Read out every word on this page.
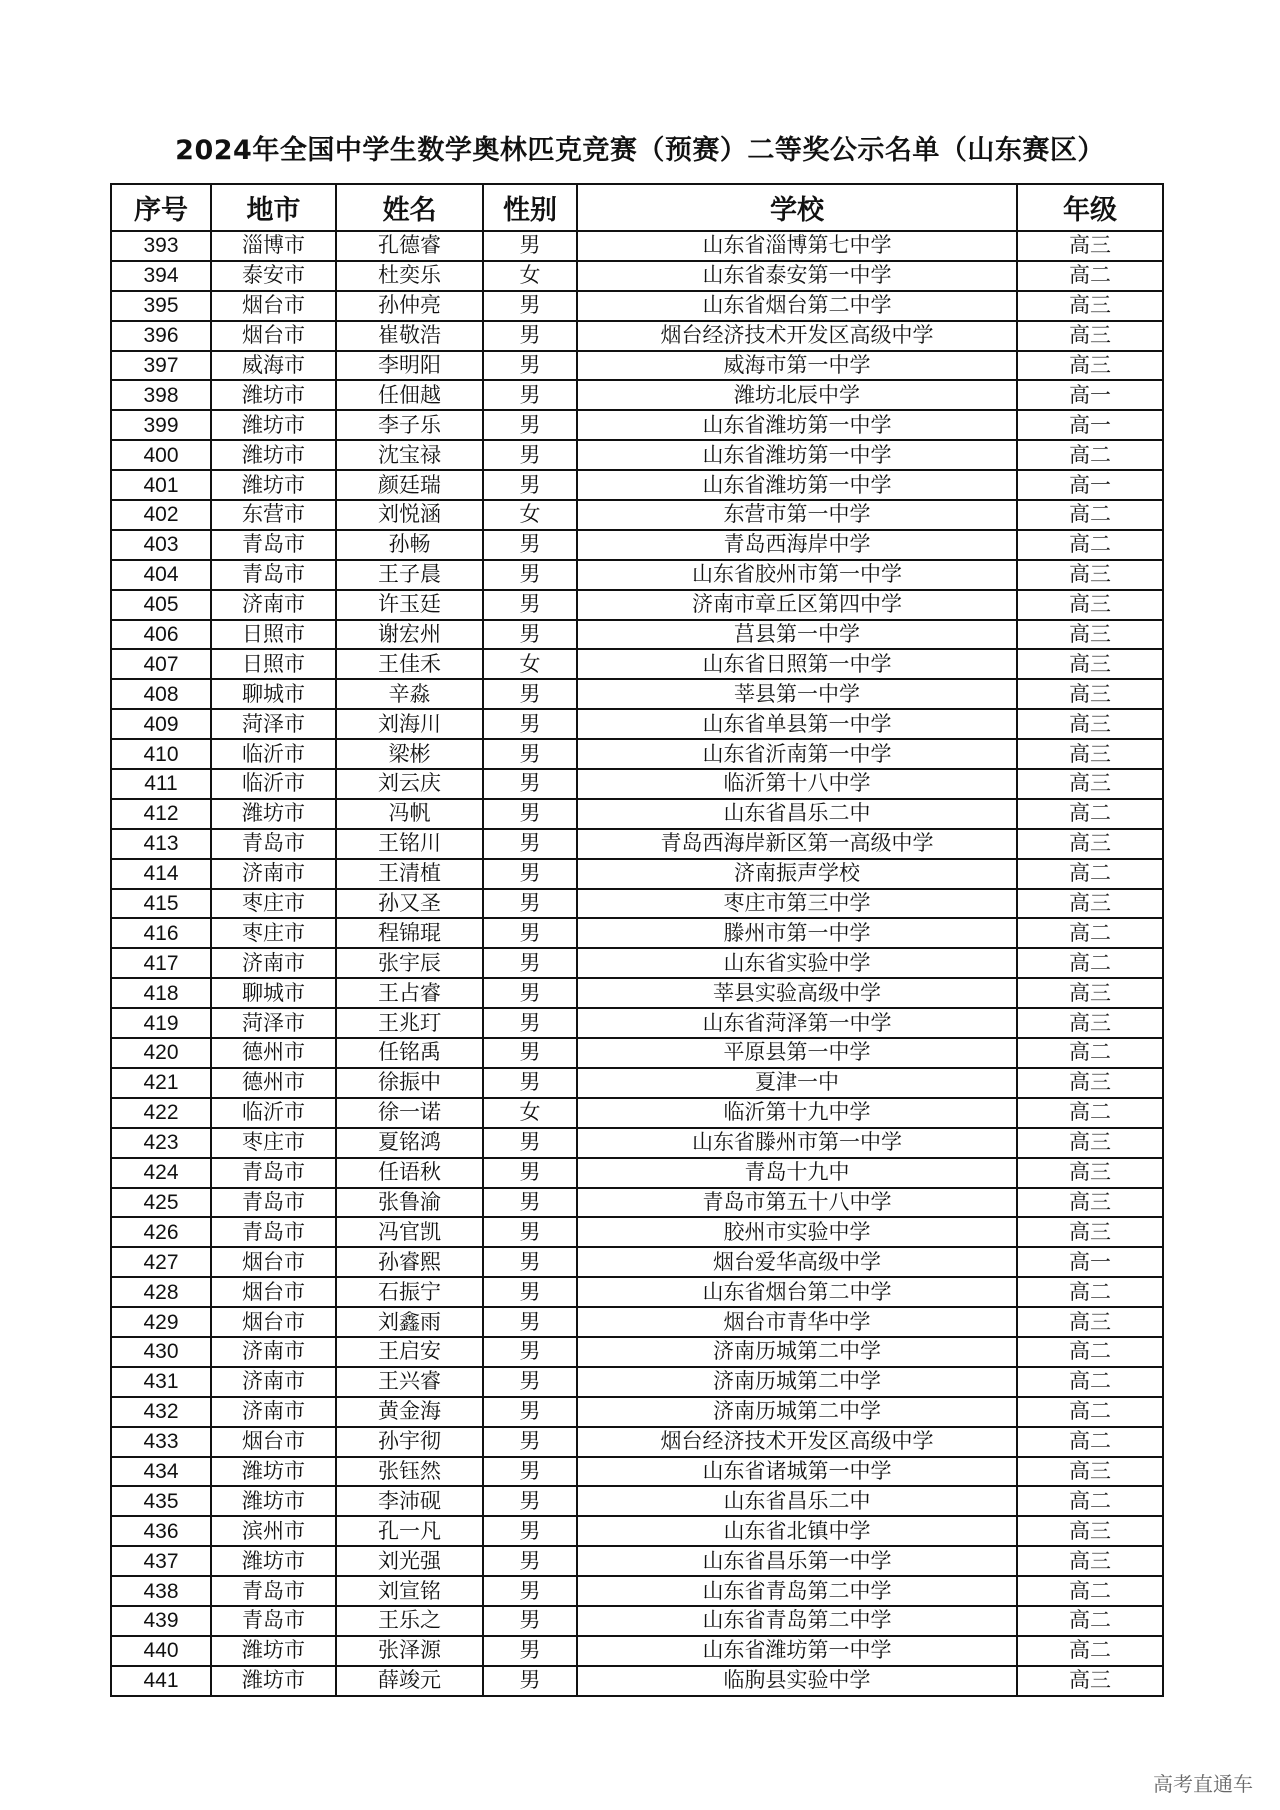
2024年全国中学生数学奥林匹克竞赛（预赛）二等奖公示名单（山东赛区）
序号	地市	姓名	性别	学校	年级
393	淄博市	孔德睿	男	山东省淄博第七中学	高三
394	泰安市	杜奕乐	女	山东省泰安第一中学	高二
395	烟台市	孙仲亮	男	山东省烟台第二中学	高三
396	烟台市	崔敬浩	男	烟台经济技术开发区高级中学	高三
397	威海市	李明阳	男	威海市第一中学	高三
398	潍坊市	任佃越	男	潍坊北辰中学	高一
399	潍坊市	李子乐	男	山东省潍坊第一中学	高一
400	潍坊市	沈宝禄	男	山东省潍坊第一中学	高二
401	潍坊市	颜廷瑞	男	山东省潍坊第一中学	高一
402	东营市	刘悦涵	女	东营市第一中学	高二
403	青岛市	孙畅	男	青岛西海岸中学	高二
404	青岛市	王子晨	男	山东省胶州市第一中学	高三
405	济南市	许玉廷	男	济南市章丘区第四中学	高三
406	日照市	谢宏州	男	莒县第一中学	高三
407	日照市	王佳禾	女	山东省日照第一中学	高三
408	聊城市	辛淼	男	莘县第一中学	高三
409	菏泽市	刘海川	男	山东省单县第一中学	高三
410	临沂市	梁彬	男	山东省沂南第一中学	高三
411	临沂市	刘云庆	男	临沂第十八中学	高三
412	潍坊市	冯帆	男	山东省昌乐二中	高二
413	青岛市	王铭川	男	青岛西海岸新区第一高级中学	高三
414	济南市	王清植	男	济南振声学校	高二
415	枣庄市	孙又圣	男	枣庄市第三中学	高三
416	枣庄市	程锦琨	男	滕州市第一中学	高二
417	济南市	张宇辰	男	山东省实验中学	高二
418	聊城市	王占睿	男	莘县实验高级中学	高三
419	菏泽市	王兆玎	男	山东省菏泽第一中学	高三
420	德州市	任铭禹	男	平原县第一中学	高二
421	德州市	徐振中	男	夏津一中	高三
422	临沂市	徐一诺	女	临沂第十九中学	高二
423	枣庄市	夏铭鸿	男	山东省滕州市第一中学	高三
424	青岛市	任语秋	男	青岛十九中	高三
425	青岛市	张鲁渝	男	青岛市第五十八中学	高三
426	青岛市	冯官凯	男	胶州市实验中学	高三
427	烟台市	孙睿熙	男	烟台爱华高级中学	高一
428	烟台市	石振宁	男	山东省烟台第二中学	高二
429	烟台市	刘鑫雨	男	烟台市青华中学	高三
430	济南市	王启安	男	济南历城第二中学	高二
431	济南市	王兴睿	男	济南历城第二中学	高二
432	济南市	黄金海	男	济南历城第二中学	高二
433	烟台市	孙宇彻	男	烟台经济技术开发区高级中学	高二
434	潍坊市	张钰然	男	山东省诸城第一中学	高三
435	潍坊市	李沛砚	男	山东省昌乐二中	高二
436	滨州市	孔一凡	男	山东省北镇中学	高三
437	潍坊市	刘光强	男	山东省昌乐第一中学	高三
438	青岛市	刘宣铭	男	山东省青岛第二中学	高二
439	青岛市	王乐之	男	山东省青岛第二中学	高二
440	潍坊市	张泽源	男	山东省潍坊第一中学	高二
441	潍坊市	薛竣元	男	临朐县实验中学	高三
高考直通车
